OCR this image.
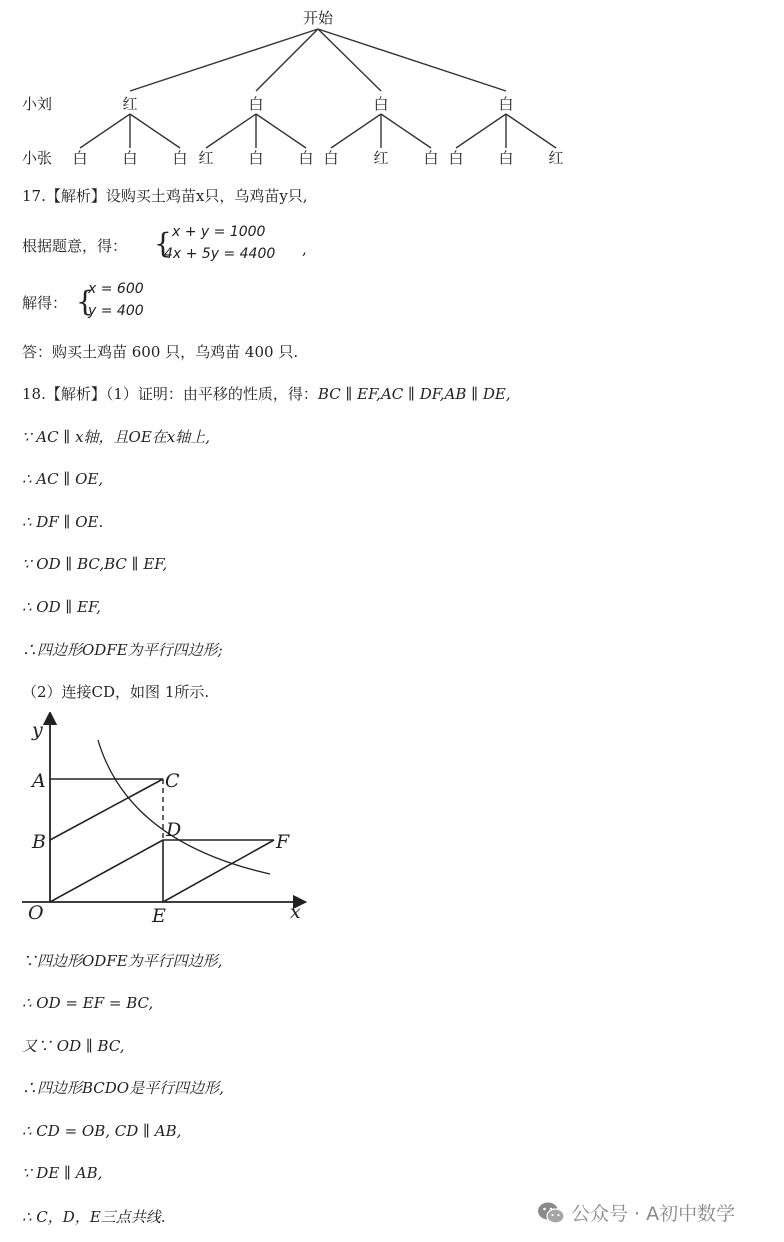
开始
小刘
小张
红	白	白	白
白 白 白 红 白 白 白 红 白 白 白 红
17.【解析】设购买土鸡苗x只，乌鸡苗y只,
根据题意，得： { x + y = 1000
4x + 5y = 4400 ,
解得： {
x = 600
y = 400
答：购买土鸡苗 600 只，乌鸡苗 400 只.
18.【解析】（1）证明：由平移的性质，得：BC ∥ EF,AC ∥ DF,AB ∥ DE,
∵ AC ∥ x轴，且OE在x轴上,
∴ AC ∥ OE,
∴ DF ∥ OE.
∵ OD ∥ BC,BC ∥ EF,
∴ OD ∥ EF,
∴四边形ODFE为平行四边形;
（2）连接CD，如图 1所示.
y
x
O
A
B
C
D
E
F
∵四边形ODFE为平行四边形,
∴ OD = EF = BC,
又∵ OD ∥ BC,
∴四边形BCDO是平行四边形,
∴ CD = OB, CD ∥ AB,
∵ DE ∥ AB,
∴ C，D，E三点共线.	公众号 · A初中数学
